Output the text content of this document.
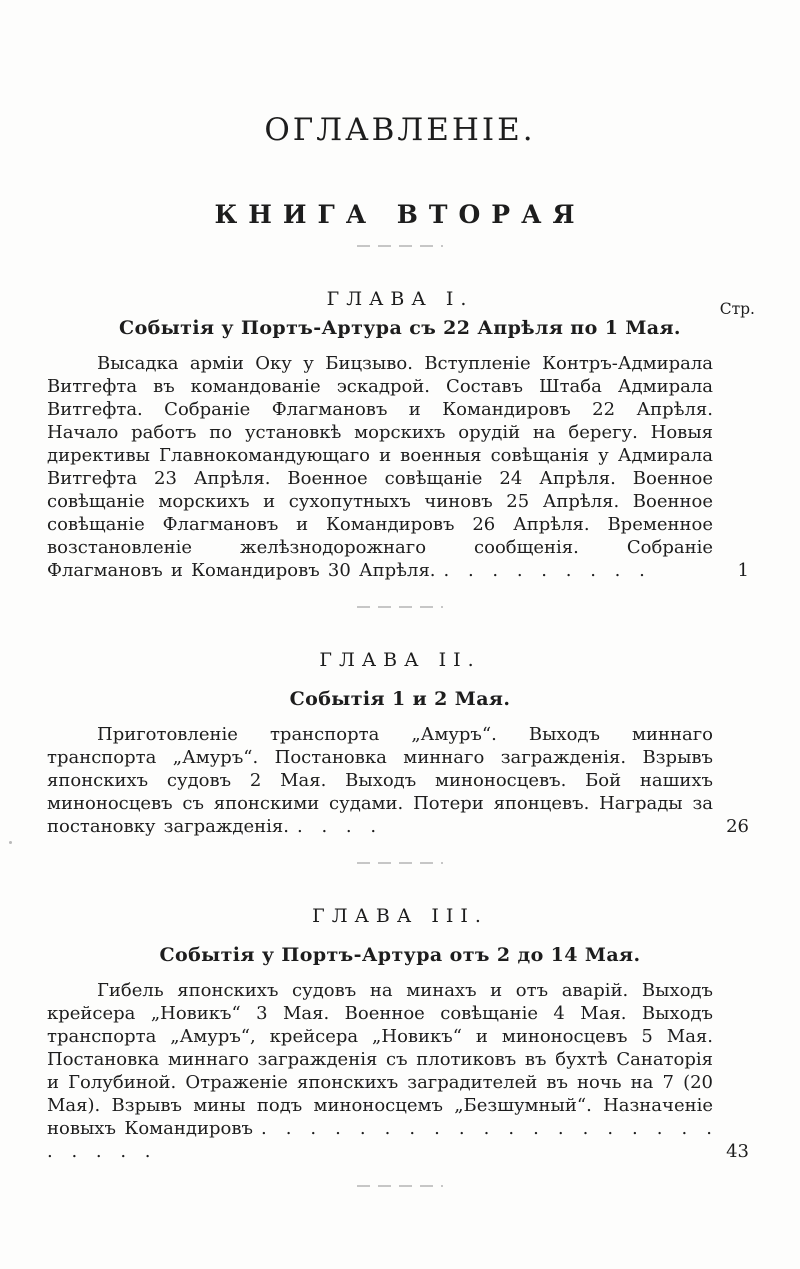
ОГЛАВЛЕНІЕ.
КНИГА ВТОРАЯ
ГЛАВА I.	Стр.
Событія у Портъ-Артура съ 22 Апрѣля по 1 Мая.

Высадка арміи Оку у Бицзыво. Вступленіе Контръ-Адмирала Витгефта въ командованіе эскадрой. Составъ Штаба Адмирала Витгефта. Собраніе Флагмановъ и Командировъ 22 Апрѣля. Начало работъ по установкѣ морскихъ орудій на берегу. Новыя директивы Главнокомандующаго и военныя совѣщанія у Адмирала Витгефта 23 Апрѣля. Военное совѣщаніе 24 Апрѣля. Военное совѣщаніе морскихъ и сухопутныхъ чиновъ 25 Апрѣля. Военное совѣщаніе Флагмановъ и Командировъ 26 Апрѣля. Временное возстановленіе желѣзнодорожнаго сообщенія. Собраніе Флагмановъ и Командировъ 30 Апрѣля. . . . . . . . . .	1

ГЛАВА II.
Событія 1 и 2 Мая.

Приготовленіе транспорта „Амуръ“. Выходъ миннаго транспорта „Амуръ“. Постановка миннаго загражденія. Взрывъ японскихъ судовъ 2 Мая. Выходъ миноносцевъ. Бой нашихъ миноносцевъ съ японскими судами. Потери японцевъ. Награды за постановку загражденія. . . . .	26

ГЛАВА III.
Событія у Портъ-Артура отъ 2 до 14 Мая.

Гибель японскихъ судовъ на минахъ и отъ аварій. Выходъ крейсера „Новикъ“ 3 Мая. Военное совѣщаніе 4 Мая. Выходъ транспорта „Амуръ“, крейсера „Новикъ“ и миноносцевъ 5 Мая. Постановка миннаго загражденія съ плотиковъ въ бухтѣ Санаторія и Голубиной. Отраженіе японскихъ заградителей въ ночь на 7 (20 Мая). Взрывъ мины подъ миноносцемъ „Безшумный“. Назначеніе новыхъ Командировъ . . . . . . . . . . . . . . . . . . . . . . . .	43
